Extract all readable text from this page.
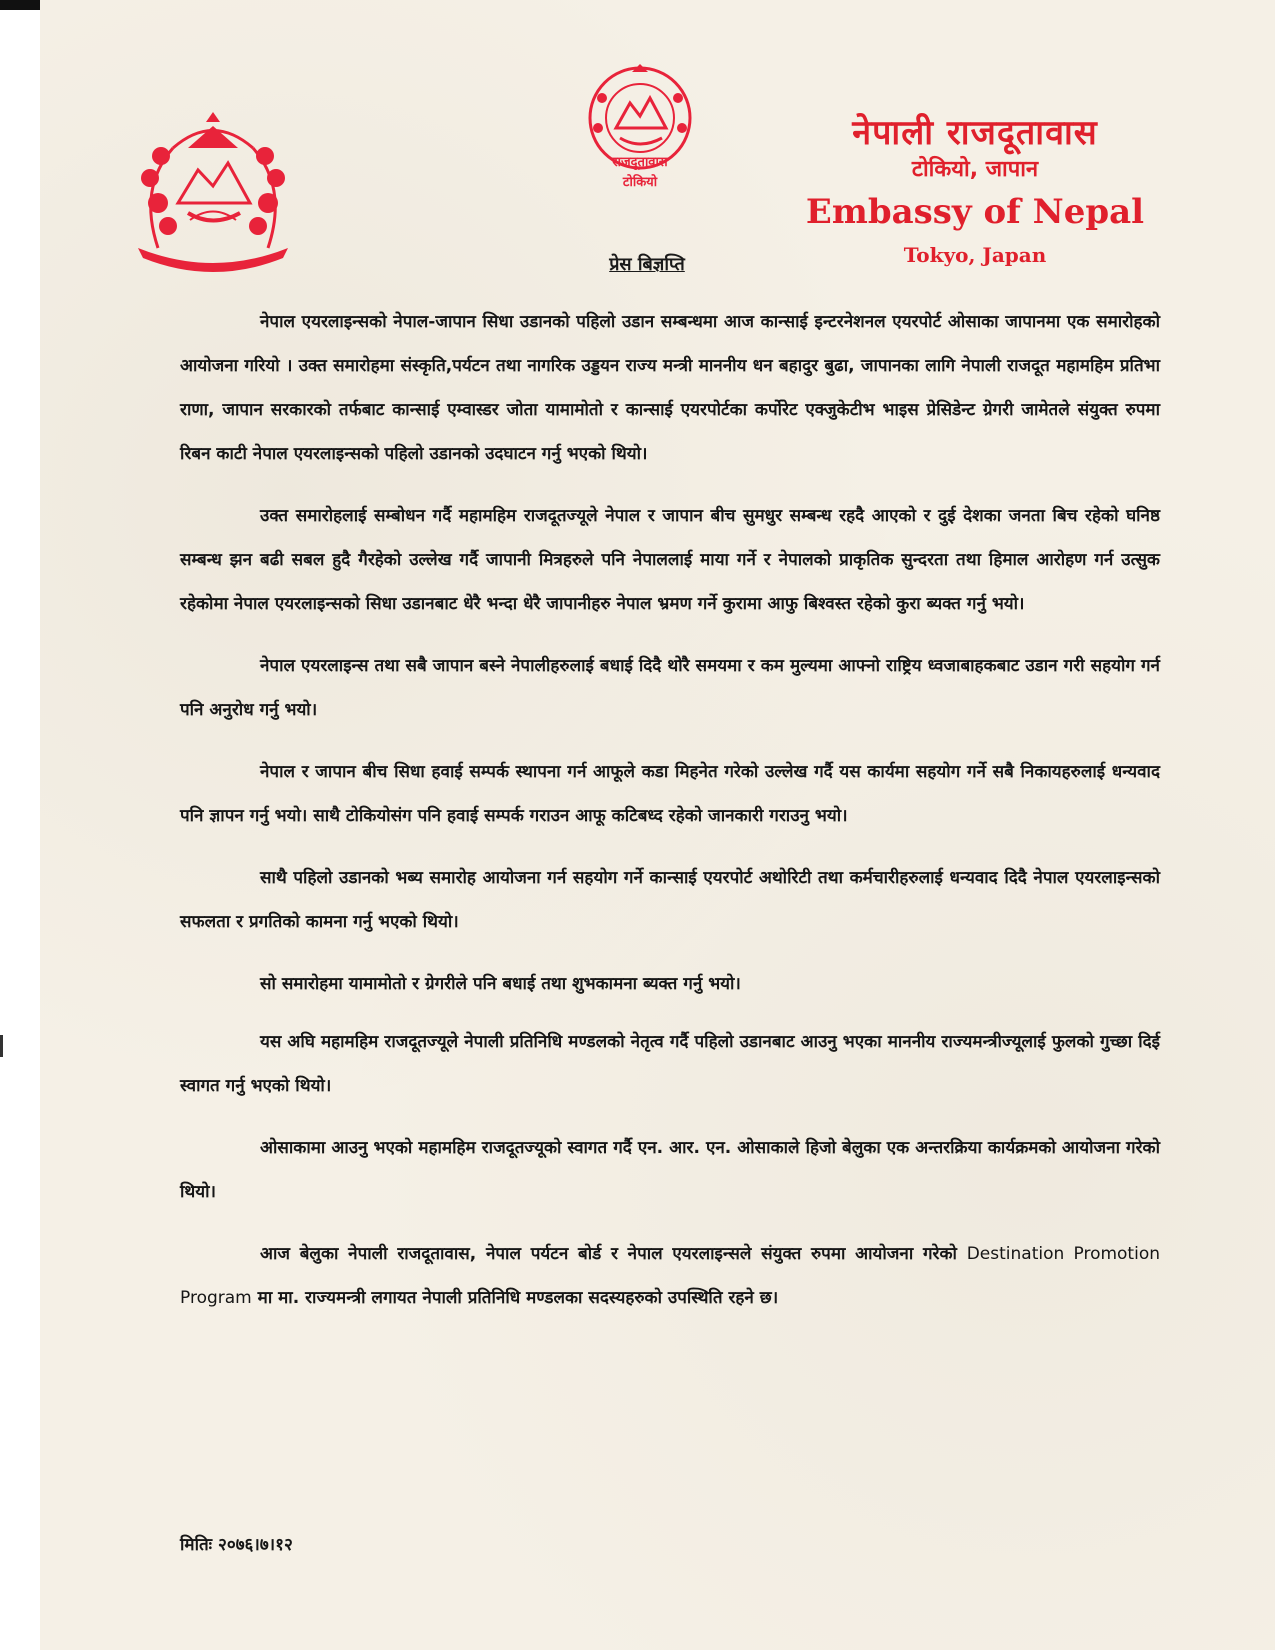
राजदूतावास
टोकियो
नेपाली राजदूतावास
टोकियो, जापान
Embassy of Nepal
Tokyo, Japan
प्रेस बिज्ञप्ति

नेपाल एयरलाइन्सको नेपाल-जापान सिधा उडानको पहिलो उडान सम्बन्धमा आज कान्साई इन्टरनेशनल एयरपोर्ट ओसाका जापानमा एक समारोहको आयोजना गरियो । उक्त समारोहमा संस्कृति,पर्यटन तथा नागरिक उड्डयन राज्य मन्त्री माननीय धन बहादुर बुढा, जापानका लागि नेपाली राजदूत महामहिम प्रतिभा राणा, जापान सरकारको तर्फबाट कान्साई एम्वास्डर जोता यामामोतो र कान्साई एयरपोर्टका कर्पोरेट एक्जुकेटीभ भाइस प्रेसिडेन्ट ग्रेगरी जामेतले संयुक्त रुपमा रिबन काटी नेपाल एयरलाइन्सको पहिलो उडानको उदघाटन गर्नु भएको थियो।

उक्त समारोहलाई सम्बोधन गर्दै महामहिम राजदूतज्यूले नेपाल र जापान बीच सुमधुर सम्बन्ध रहदै आएको र दुई देशका जनता बिच रहेको घनिष्ठ सम्बन्ध झन बढी सबल हुदै गैरहेको उल्लेख गर्दै जापानी मित्रहरुले पनि नेपाललाई माया गर्ने र नेपालको प्राकृतिक सुन्दरता तथा हिमाल आरोहण गर्न उत्सुक रहेकोमा नेपाल एयरलाइन्सको सिधा उडानबाट धेरै भन्दा धेरै जापानीहरु नेपाल भ्रमण गर्ने कुरामा आफु बिश्वस्त रहेको कुरा ब्यक्त गर्नु भयो।

नेपाल एयरलाइन्स तथा सबै जापान बस्ने नेपालीहरुलाई बधाई दिदै थोरै समयमा र कम मुल्यमा आफ्नो राष्ट्रिय ध्वजाबाहकबाट उडान गरी सहयोग गर्न पनि अनुरोध गर्नु भयो।

नेपाल र जापान बीच सिधा हवाई सम्पर्क स्थापना गर्न आफूले कडा मिहनेत गरेको उल्लेख गर्दै यस कार्यमा सहयोग गर्ने सबै निकायहरुलाई धन्यवाद पनि ज्ञापन गर्नु भयो। साथै टोकियोसंग पनि हवाई सम्पर्क गराउन आफू कटिबध्द रहेको जानकारी गराउनु भयो।

साथै पहिलो उडानको भब्य समारोह आयोजना गर्न सहयोग गर्ने कान्साई एयरपोर्ट अथोरिटी तथा कर्मचारीहरुलाई धन्यवाद दिदै नेपाल एयरलाइन्सको सफलता र प्रगतिको कामना गर्नु भएको थियो।

सो समारोहमा यामामोतो र ग्रेगरीले पनि बधाई तथा शुभकामना ब्यक्त गर्नु भयो।

यस अघि महामहिम राजदूतज्यूले नेपाली प्रतिनिधि मण्डलको नेतृत्व गर्दै पहिलो उडानबाट आउनु भएका माननीय राज्यमन्त्रीज्यूलाई फुलको गुच्छा दिई स्वागत गर्नु भएको थियो।

ओसाकामा आउनु भएको महामहिम राजदूतज्यूको स्वागत गर्दै एन. आर. एन. ओसाकाले हिजो बेलुका एक अन्तरक्रिया कार्यक्रमको आयोजना गरेको थियो।

आज बेलुका नेपाली राजदूतावास, नेपाल पर्यटन बोर्ड र नेपाल एयरलाइन्सले संयुक्त रुपमा आयोजना गरेको Destination Promotion Program मा मा. राज्यमन्त्री लगायत नेपाली प्रतिनिधि मण्डलका सदस्यहरुको उपस्थिति रहने छ।

मितिः २०७६।७।१२
